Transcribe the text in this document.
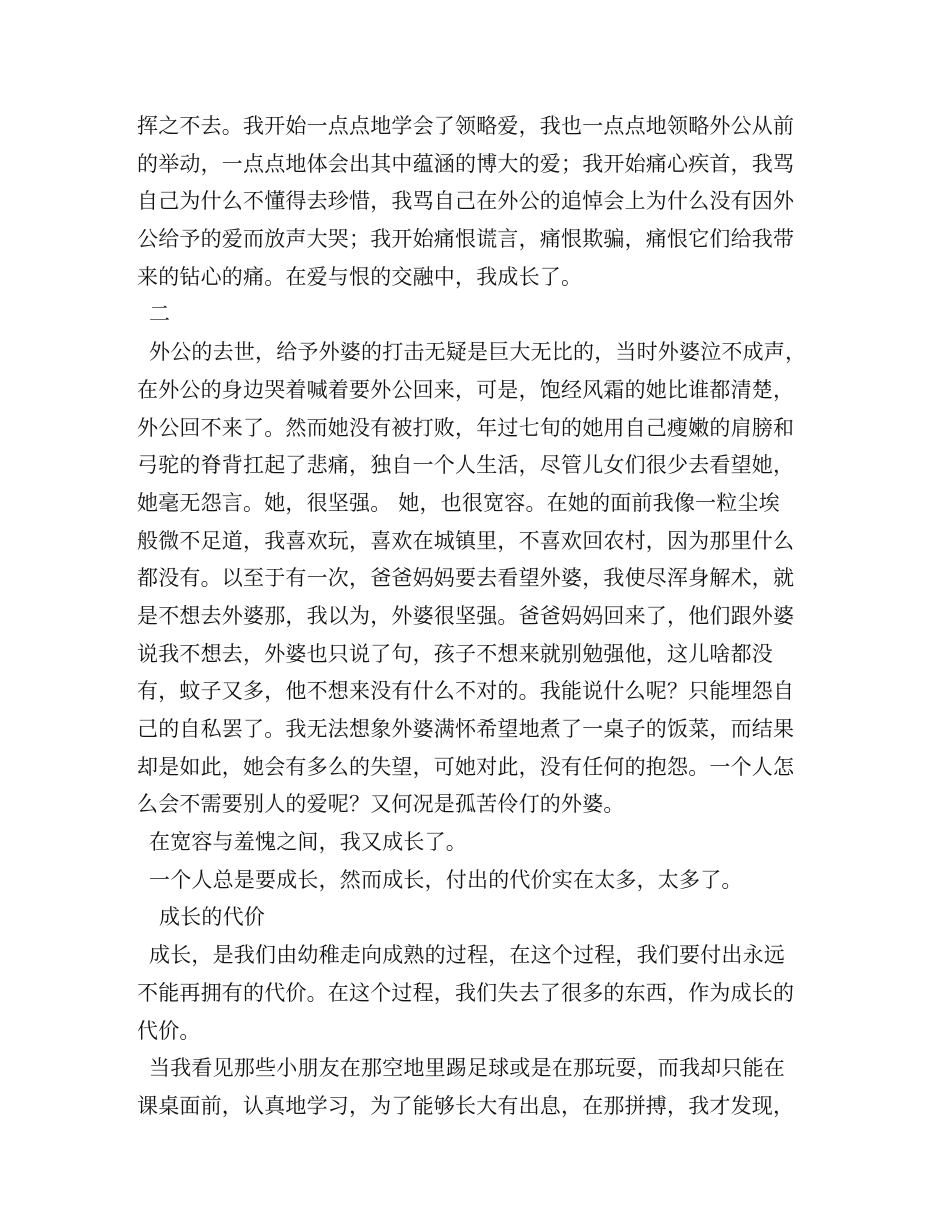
挥之不去。我开始一点点地学会了领略爱，我也一点点地领略外公从前
的举动，一点点地体会出其中蕴涵的博大的爱；我开始痛心疾首，我骂
自己为什么不懂得去珍惜，我骂自己在外公的追悼会上为什么没有因外
公给予的爱而放声大哭；我开始痛恨谎言，痛恨欺骗，痛恨它们给我带
来的钻心的痛。在爱与恨的交融中，我成长了。
二
外公的去世，给予外婆的打击无疑是巨大无比的，当时外婆泣不成声，
在外公的身边哭着喊着要外公回来，可是，饱经风霜的她比谁都清楚，
外公回不来了。然而她没有被打败，年过七旬的她用自己瘦嫩的肩膀和
弓驼的脊背扛起了悲痛，独自一个人生活，尽管儿女们很少去看望她，
她毫无怨言。她，很坚强。 她，也很宽容。在她的面前我像一粒尘埃
般微不足道，我喜欢玩，喜欢在城镇里，不喜欢回农村，因为那里什么
都没有。以至于有一次，爸爸妈妈要去看望外婆，我使尽浑身解术，就
是不想去外婆那，我以为，外婆很坚强。爸爸妈妈回来了，他们跟外婆
说我不想去，外婆也只说了句，孩子不想来就别勉强他，这儿啥都没
有，蚊子又多，他不想来没有什么不对的。我能说什么呢？只能埋怨自
己的自私罢了。我无法想象外婆满怀希望地煮了一桌子的饭菜，而结果
却是如此，她会有多么的失望，可她对此，没有任何的抱怨。一个人怎
么会不需要别人的爱呢？又何况是孤苦伶仃的外婆。
在宽容与羞愧之间，我又成长了。
一个人总是要成长，然而成长，付出的代价实在太多，太多了。
成长的代价
成长，是我们由幼稚走向成熟的过程，在这个过程，我们要付出永远
不能再拥有的代价。在这个过程，我们失去了很多的东西，作为成长的
代价。
当我看见那些小朋友在那空地里踢足球或是在那玩耍，而我却只能在
课桌面前，认真地学习，为了能够长大有出息，在那拼搏，我才发现，
